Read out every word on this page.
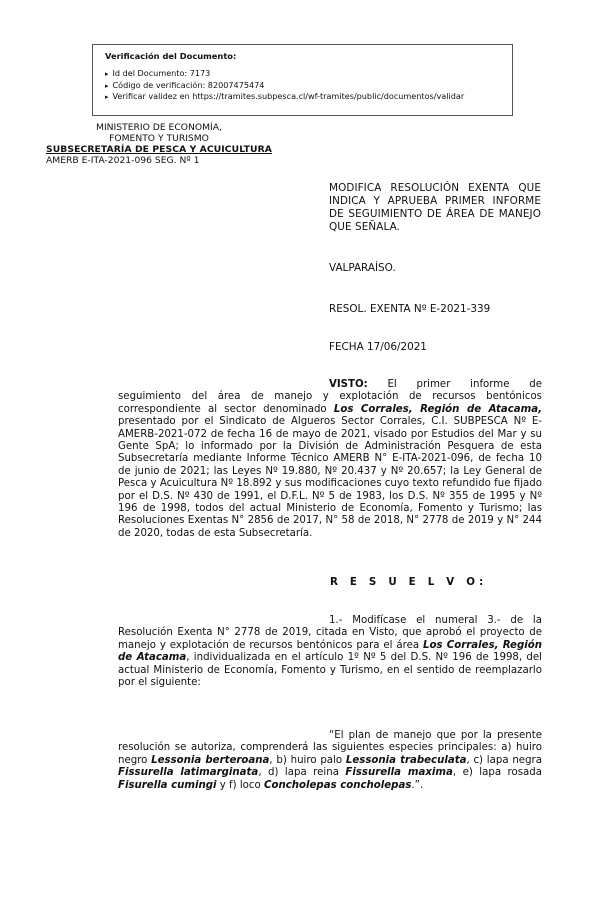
Verificación del Documento:
▸ Id del Documento: 7173
▸ Código de verificación: 82007475474
▸ Verificar validez en https://tramites.subpesca.cl/wf-tramites/public/documentos/validar
MINISTERIO DE ECONOMÍA,
FOMENTO Y TURISMO
SUBSECRETARÍA DE PESCA Y ACUICULTURA
AMERB E-ITA-2021-096 SEG. Nº 1
MODIFICA RESOLUCIÓN EXENTA QUE INDICA Y APRUEBA PRIMER INFORME DE SEGUIMIENTO DE ÁREA DE MANEJO QUE SEÑALA.
VALPARAÍSO.
RESOL. EXENTA Nº E-2021-339
FECHA 17/06/2021
VISTO: El primer informe de seguimiento del área de manejo y explotación de recursos bentónicos correspondiente al sector denominado Los Corrales, Región de Atacama, presentado por el Sindicato de Algueros Sector Corrales, C.I. SUBPESCA Nº E-AMERB-2021-072 de fecha 16 de mayo de 2021, visado por Estudios del Mar y su Gente SpA; lo informado por la División de Administración Pesquera de esta Subsecretaría mediante Informe Técnico AMERB N° E-ITA-2021-096, de fecha 10 de junio de 2021; las Leyes Nº 19.880, Nº 20.437 y Nº 20.657; la Ley General de Pesca y Acuicultura Nº 18.892 y sus modificaciones cuyo texto refundido fue fijado por el D.S. Nº 430 de 1991, el D.F.L. Nº 5 de 1983, los D.S. Nº 355 de 1995 y Nº 196 de 1998, todos del actual Ministerio de Economía, Fomento y Turismo; las Resoluciones Exentas N° 2856 de 2017, N° 58 de 2018, N° 2778 de 2019 y N° 244 de 2020, todas de esta Subsecretaría.
R E S U E L V O:
1.- Modifícase el numeral 3.- de la Resolución Exenta N° 2778 de 2019, citada en Visto, que aprobó el proyecto de manejo y explotación de recursos bentónicos para el área Los Corrales, Región de Atacama, individualizada en el artículo 1º Nº 5 del D.S. Nº 196 de 1998, del actual Ministerio de Economía, Fomento y Turismo, en el sentido de reemplazarlo por el siguiente:
“El plan de manejo que por la presente resolución se autoriza, comprenderá las siguientes especies principales: a) huiro negro Lessonia berteroana, b) huiro palo Lessonia trabeculata, c) lapa negra Fissurella latimarginata, d) lapa reina Fissurella maxima, e) lapa rosada Fisurella cumingi y f) loco Concholepas concholepas.”.
